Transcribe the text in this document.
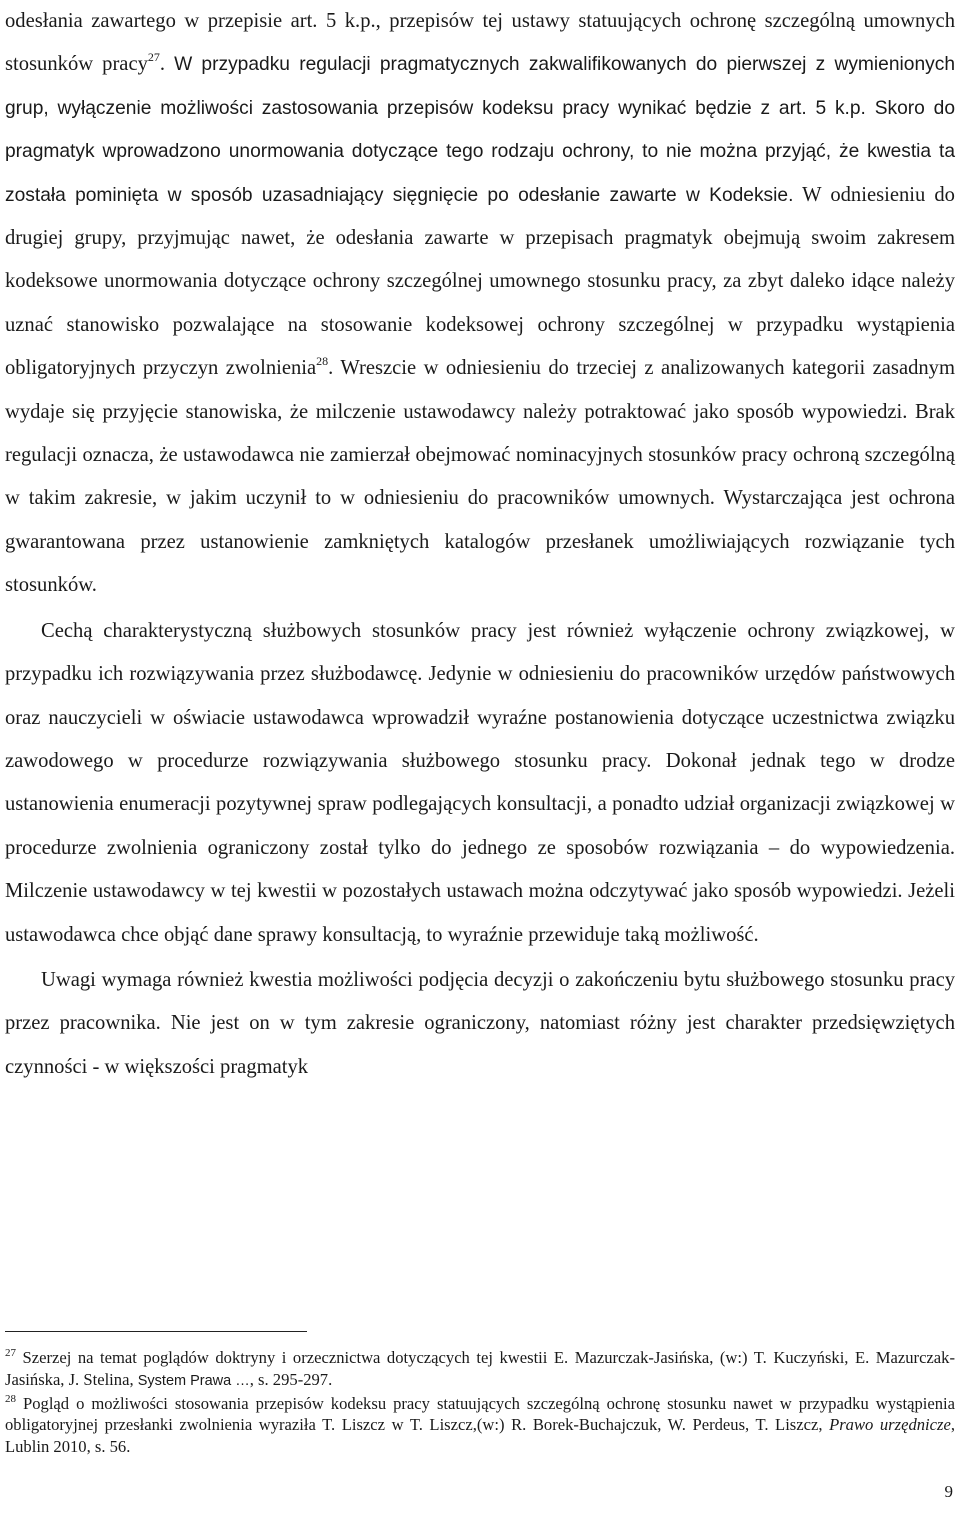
odesłania zawartego w przepisie art. 5 k.p., przepisów tej ustawy statuujących ochronę szczególną umownych stosunków pracy$^{27}$. W przypadku regulacji pragmatycznych zakwalifikowanych do pierwszej z wymienionych grup, wyłączenie możliwości zastosowania przepisów kodeksu pracy wynikać będzie z art. 5 k.p. Skoro do pragmatyk wprowadzono unormowania dotyczące tego rodzaju ochrony, to nie można przyjąć, że kwestia ta została pominięta w sposób uzasadniający sięgnięcie po odesłanie zawarte w Kodeksie. W odniesieniu do drugiej grupy, przyjmując nawet, że odesłania zawarte w przepisach pragmatyk obejmują swoim zakresem kodeksowe unormowania dotyczące ochrony szczególnej umownego stosunku pracy, za zbyt daleko idące należy uznać stanowisko pozwalające na stosowanie kodeksowej ochrony szczególnej w przypadku wystąpienia obligatoryjnych przyczyn zwolnienia$^{28}$. Wreszcie w odniesieniu do trzeciej z analizowanych kategorii zasadnym wydaje się przyjęcie stanowiska, że milczenie ustawodawcy należy potraktować jako sposób wypowiedzi. Brak regulacji oznacza, że ustawodawca nie zamierzał obejmować nominacyjnych stosunków pracy ochroną szczególną w takim zakresie, w jakim uczynił to w odniesieniu do pracowników umownych. Wystarczająca jest ochrona gwarantowana przez ustanowienie zamkniętych katalogów przesłanek umożliwiających rozwiązanie tych stosunków.

Cechą charakterystyczną służbowych stosunków pracy jest również wyłączenie ochrony związkowej, w przypadku ich rozwiązywania przez służbodawcę. Jedynie w odniesieniu do pracowników urzędów państwowych oraz nauczycieli w oświacie ustawodawca wprowadził wyraźne postanowienia dotyczące uczestnictwa związku zawodowego w procedurze rozwiązywania służbowego stosunku pracy. Dokonał jednak tego w drodze ustanowienia enumeracji pozytywnej spraw podlegających konsultacji, a ponadto udział organizacji związkowej w procedurze zwolnienia ograniczony został tylko do jednego ze sposobów rozwiązania – do wypowiedzenia. Milczenie ustawodawcy w tej kwestii w pozostałych ustawach można odczytywać jako sposób wypowiedzi. Jeżeli ustawodawca chce objąć dane sprawy konsultacją, to wyraźnie przewiduje taką możliwość.

Uwagi wymaga również kwestia możliwości podjęcia decyzji o zakończeniu bytu służbowego stosunku pracy przez pracownika. Nie jest on w tym zakresie ograniczony, natomiast różny jest charakter przedsięwziętych czynności - w większości pragmatyk

$^{27}$ Szerzej na temat poglądów doktryny i orzecznictwa dotyczących tej kwestii E. Mazurczak-Jasińska, (w:) T. Kuczyński, E. Mazurczak-Jasińska, J. Stelina, System Prawa …, s. 295-297.

$^{28}$ Pogląd o możliwości stosowania przepisów kodeksu pracy statuujących szczególną ochronę stosunku nawet w przypadku wystąpienia obligatoryjnej przesłanki zwolnienia wyraziła T. Liszcz w T. Liszcz,(w:) R. Borek-Buchajczuk, W. Perdeus, T. Liszcz, Prawo urzędnicze, Lublin 2010, s. 56.

9
